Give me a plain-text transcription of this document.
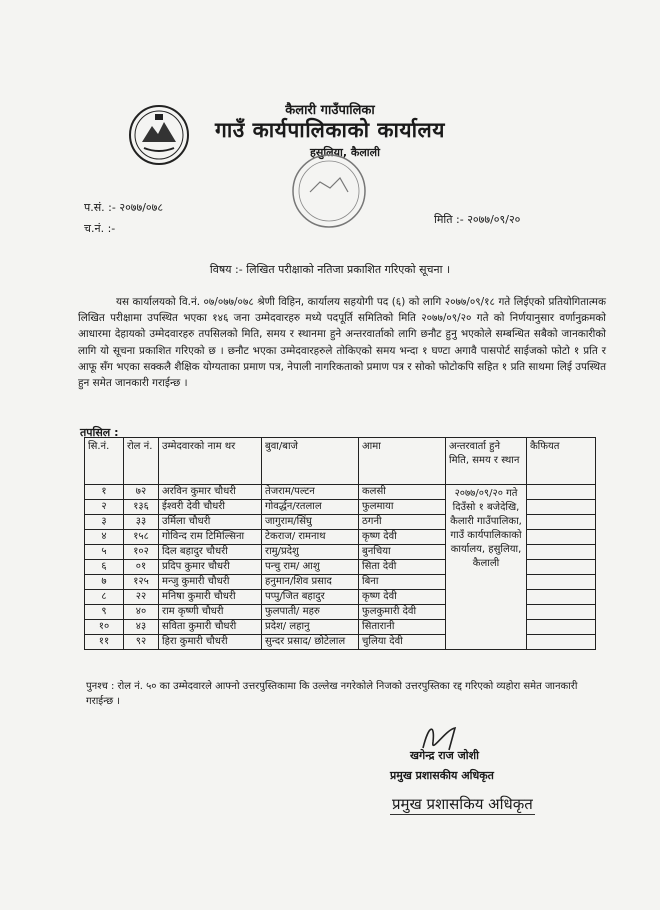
कैलारी गाउँपालिका
गाउँ कार्यपालिकाको कार्यालय
हसुलिया, कैलाली
प.सं. :- २०७७/०७८
च.नं. :-
मिति :- २०७७/०९/२०
विषय :- लिखित परीक्षाको नतिजा प्रकाशित गरिएको सूचना ।
यस कार्यालयको वि.नं. ०७/०७७/०७८ श्रेणी विहिन, कार्यालय सहयोगी पद (६) को लागि २०७७/०९/१८ गते लिईएको प्रतियोगितात्मक लिखित परीक्षामा उपस्थित भएका १४६ जना उम्मेदवारहरु मध्ये पदपूर्ति समितिको मिति २०७७/०९/२० गते को निर्णयानुसार वर्णानुक्रमको आधारमा देहायको उम्मेदवारहरु तपसिलको मिति, समय र स्थानमा हुने अन्तरवार्ताको लागि छनौट हुनु भएकोले सम्बन्धित सबैको जानकारीको लागि यो सूचना प्रकाशित गरिएको छ । छनौट भएका उम्मेदवारहरुले तोकिएको समय भन्दा १ घण्टा अगावै पासपोर्ट साईजको फोटो १ प्रति र आफू सँग भएका सक्कलै शैक्षिक योग्यताका प्रमाण पत्र, नेपाली नागरिकताको प्रमाण पत्र र सोको फोटोकपि सहित १ प्रति साथमा लिई उपस्थित हुन समेत जानकारी गराईन्छ ।
तपसिल :
सि.नं.	रोल नं.	उम्मेदवारको नाम थर	बुवा/बाजे	आमा	अन्तरवार्ता हुने मिति, समय र स्थान	कैफियत
१	७२	अरविन कुमार चौधरी	तेजराम/पल्टन	कलसी	२०७७/०९/२० गते दिउँसो १ बजेदेखि, कैलारी गाउँपालिका, गाउँ कार्यपालिकाको कार्यालय, हसुलिया, कैलाली	
२	१३६	ईश्वरी देवी चौधरी	गोवर्द्धन/रतलाल	फुलमाया		
३	३३	उर्मिला चौधरी	जागुराम/सिंघु	ठगनी		
४	१५८	गोविन्द राम टिमिल्सिना	टेकराज/ रामनाथ	कृष्ण देवी		
५	१०२	दिल बहादुर चौधरी	रामु/प्रदेशु	बुनचिया		
६	०१	प्रदिप कुमार चौधरी	पन्चु राम/ आशु	सिता देवी		
७	१२५	मन्जु कुमारी चौधरी	हनुमान/शिव प्रसाद	बिना		
८	२२	मनिषा कुमारी चौधरी	पप्पु/जित बहादुर	कृष्ण देवी		
९	४०	राम कृष्णी चौधरी	फुलपाती/ महरु	फुलकुमारी देवी		
१०	४३	सविता कुमारी चौधरी	प्रदेश/ लहानु	सितारानी		
११	९२	हिरा कुमारी चौधरी	सुन्दर प्रसाद/ छोटेलाल	चुलिया देवी		
पुनश्च : रोल नं. ५० का उम्मेदवारले आफ्नो उत्तरपुस्तिकामा कि उल्लेख नगरेकोले निजको उत्तरपुस्तिका रद्द गरिएको व्यहोरा समेत जानकारी गराईन्छ ।
खगेन्द्र राज जोशी
प्रमुख प्रशासकीय अधिकृत
प्रमुख प्रशासकिय अधिकृत
